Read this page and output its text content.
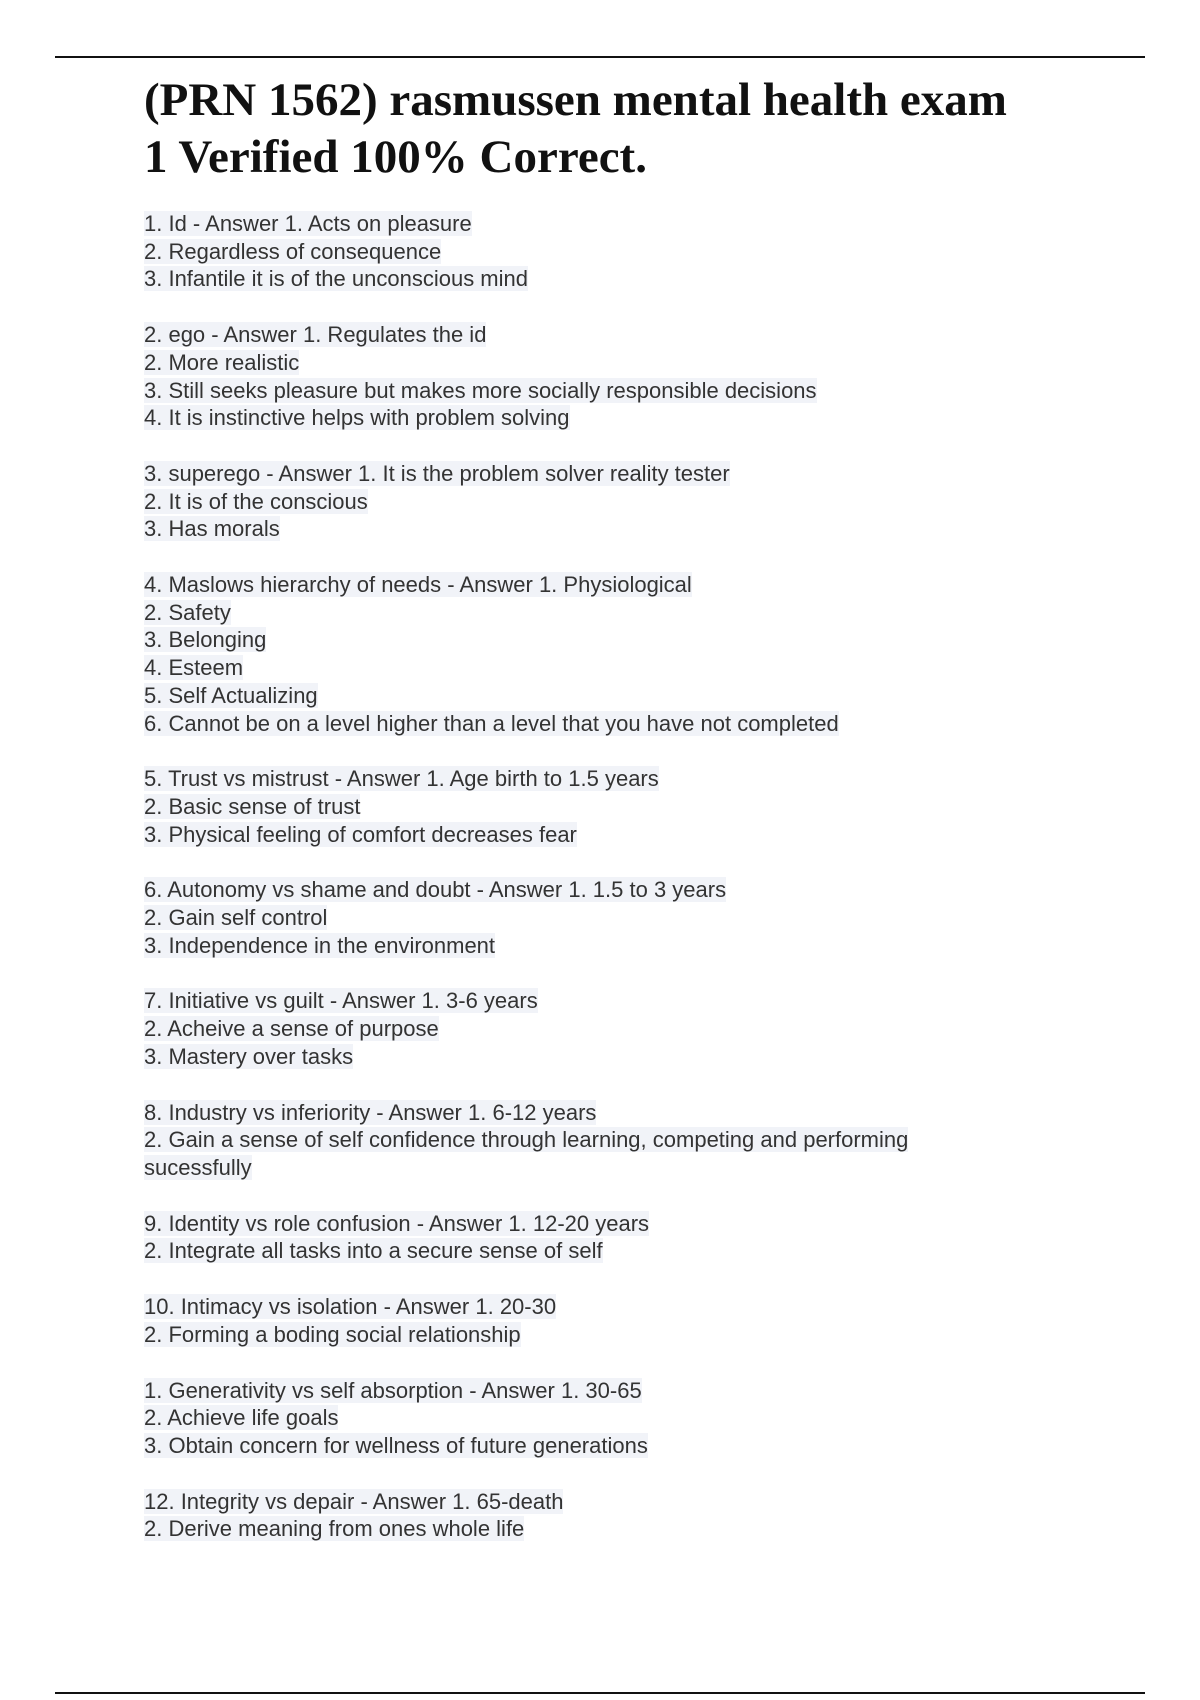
(PRN 1562) rasmussen mental health exam
1 Verified 100% Correct.
1. Id - Answer 1. Acts on pleasure
2. Regardless of consequence
3. Infantile it is of the unconscious mind
2. ego - Answer 1. Regulates the id
2. More realistic
3. Still seeks pleasure but makes more socially responsible decisions
4. It is instinctive helps with problem solving
3. superego - Answer 1. It is the problem solver reality tester
2. It is of the conscious
3. Has morals
4. Maslows hierarchy of needs - Answer 1. Physiological
2. Safety
3. Belonging
4. Esteem
5. Self Actualizing
6. Cannot be on a level higher than a level that you have not completed
5. Trust vs mistrust - Answer 1. Age birth to 1.5 years
2. Basic sense of trust
3. Physical feeling of comfort decreases fear
6. Autonomy vs shame and doubt - Answer 1. 1.5 to 3 years
2. Gain self control
3. Independence in the environment
7. Initiative vs guilt - Answer 1. 3-6 years
2. Acheive a sense of purpose
3. Mastery over tasks
8. Industry vs inferiority - Answer 1. 6-12 years
2. Gain a sense of self confidence through learning, competing and performing
sucessfully
9. Identity vs role confusion - Answer 1. 12-20 years
2. Integrate all tasks into a secure sense of self
10. Intimacy vs isolation - Answer 1. 20-30
2. Forming a boding social relationship
1. Generativity vs self absorption - Answer 1. 30-65
2. Achieve life goals
3. Obtain concern for wellness of future generations
12. Integrity vs depair - Answer 1. 65-death
2. Derive meaning from ones whole life
